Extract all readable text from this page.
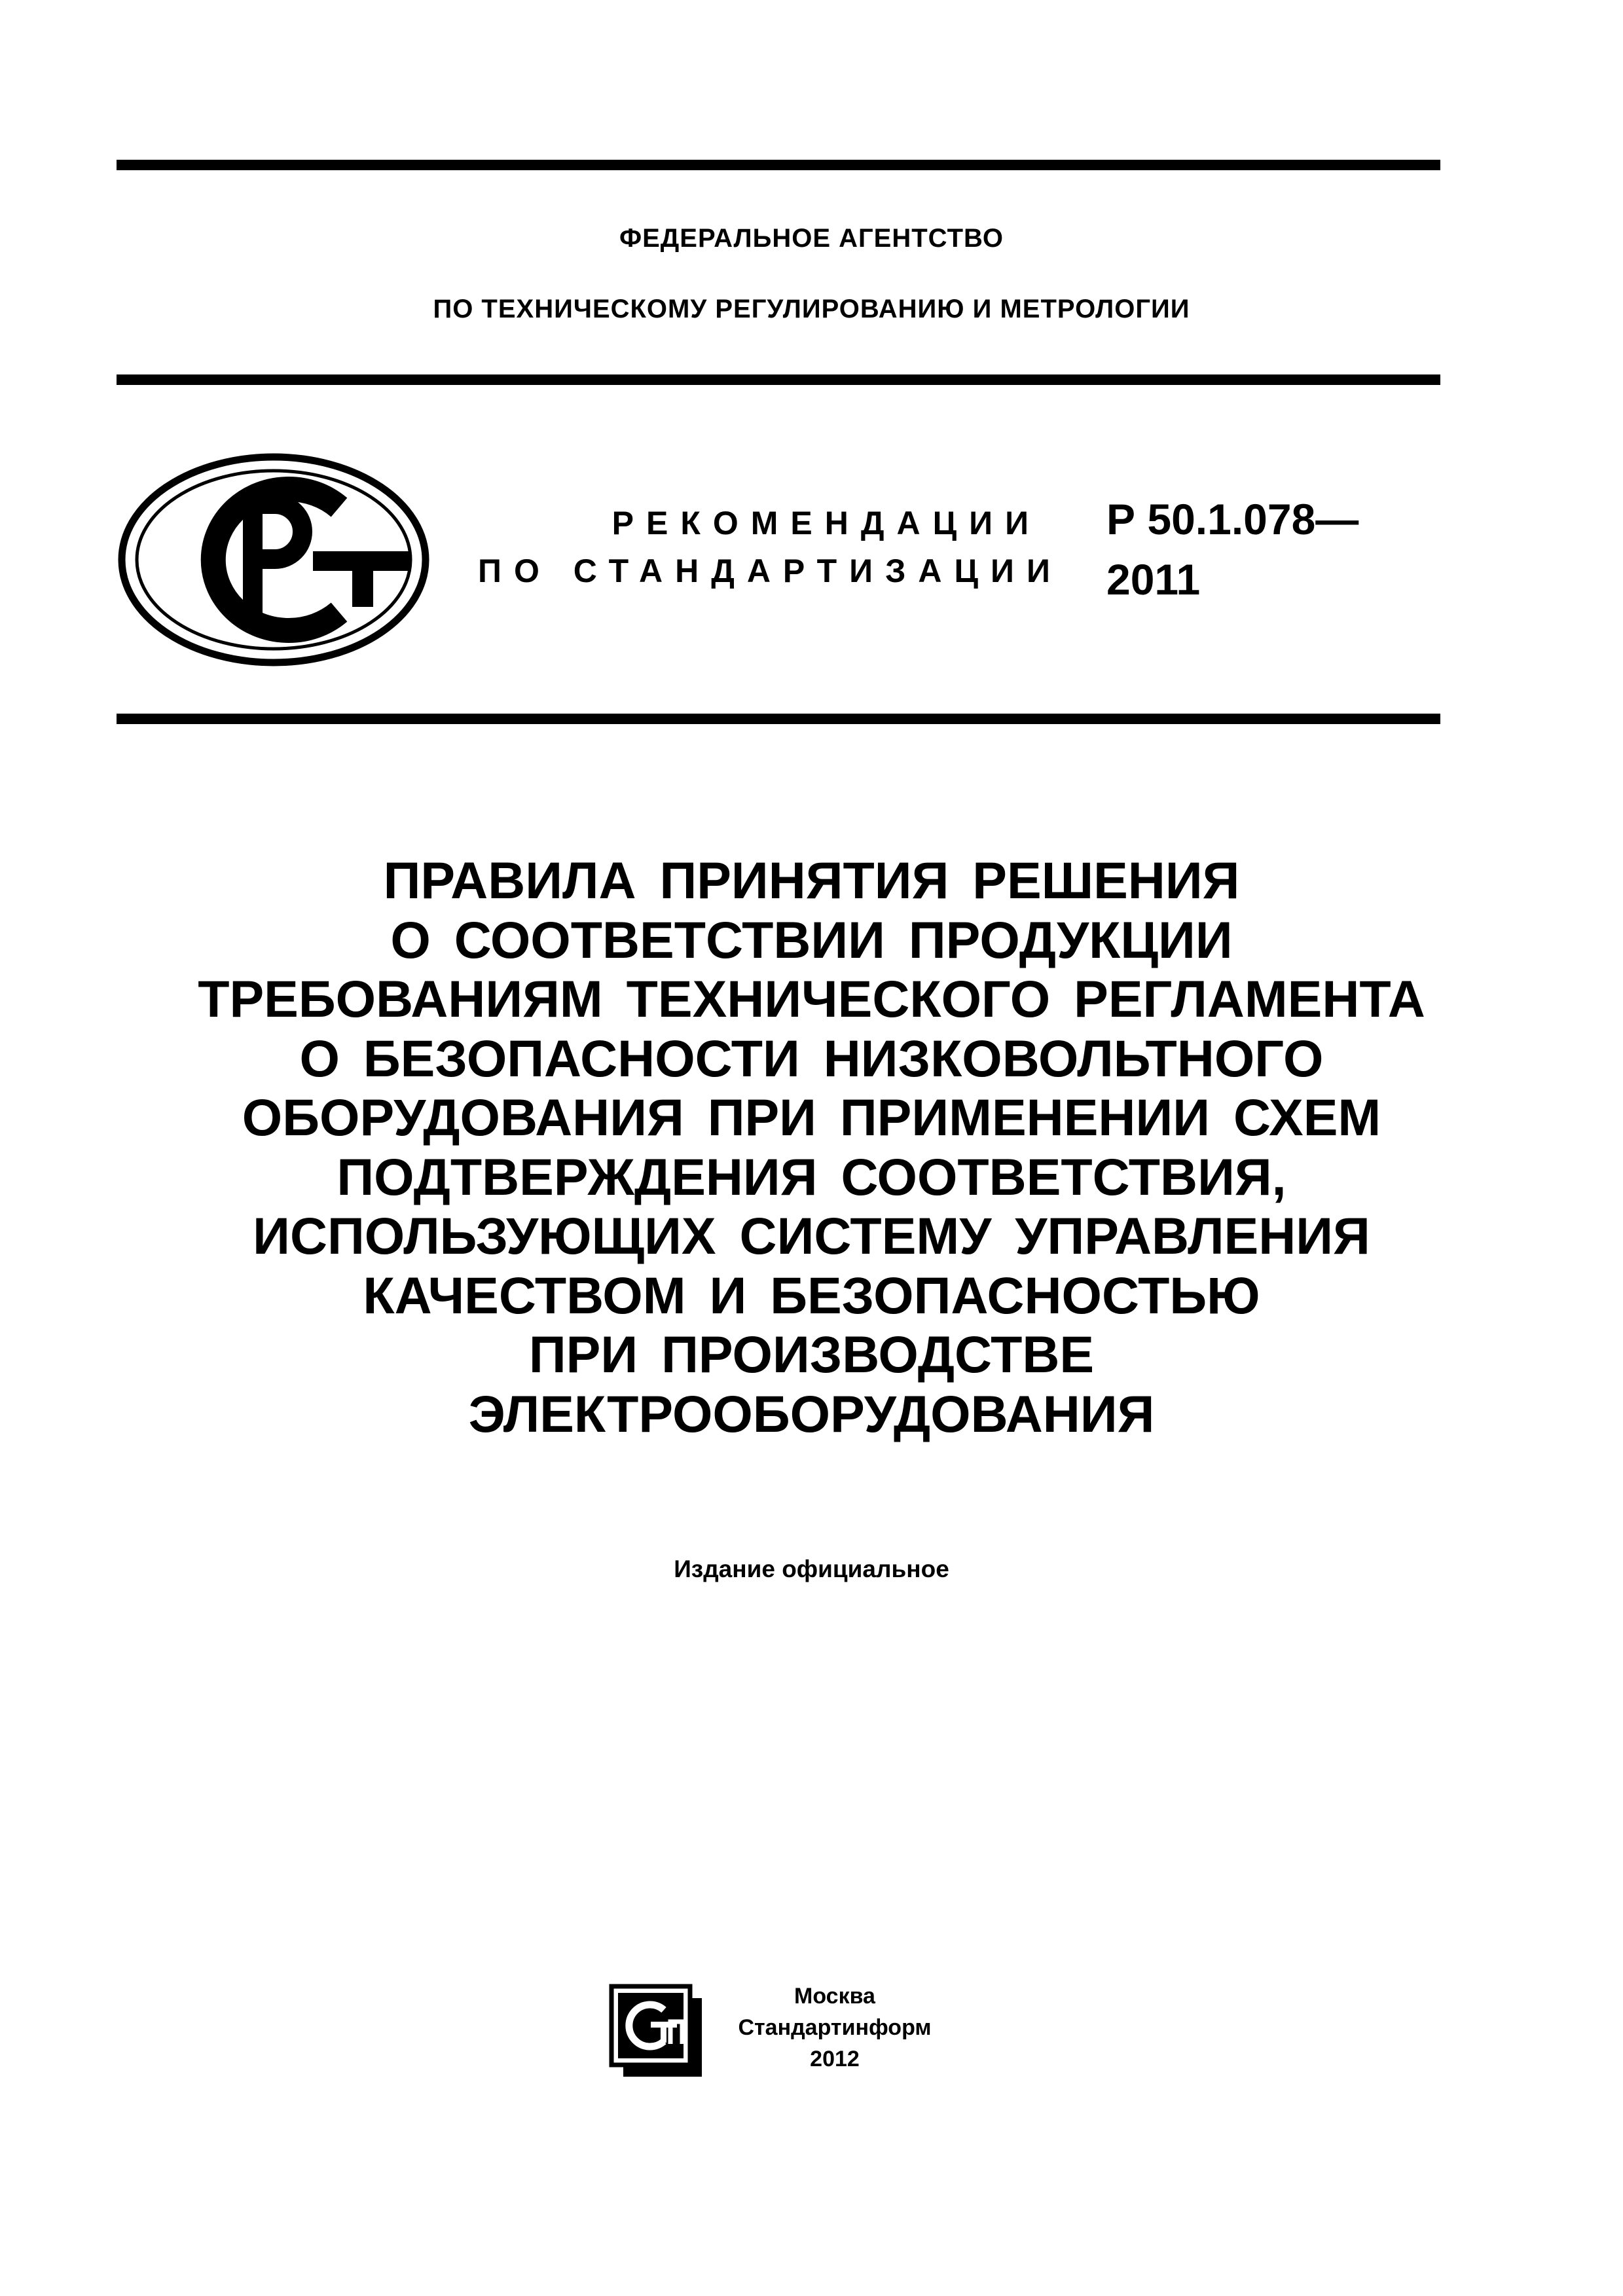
ФЕДЕРАЛЬНОЕ АГЕНТСТВО
ПО ТЕХНИЧЕСКОМУ РЕГУЛИРОВАНИЮ И МЕТРОЛОГИИ
РЕКОМЕНДАЦИИ
ПО СТАНДАРТИЗАЦИИ
Р 50.1.078—
2011
ПРАВИЛА ПРИНЯТИЯ РЕШЕНИЯ
О СООТВЕТСТВИИ ПРОДУКЦИИ
ТРЕБОВАНИЯМ ТЕХНИЧЕСКОГО РЕГЛАМЕНТА
О БЕЗОПАСНОСТИ НИЗКОВОЛЬТНОГО
ОБОРУДОВАНИЯ ПРИ ПРИМЕНЕНИИ СХЕМ
ПОДТВЕРЖДЕНИЯ СООТВЕТСТВИЯ,
ИСПОЛЬЗУЮЩИХ СИСТЕМУ УПРАВЛЕНИЯ
КАЧЕСТВОМ И БЕЗОПАСНОСТЬЮ
ПРИ ПРОИЗВОДСТВЕ
ЭЛЕКТРООБОРУДОВАНИЯ
Издание официальное
Москва
Стандартинформ
2012
